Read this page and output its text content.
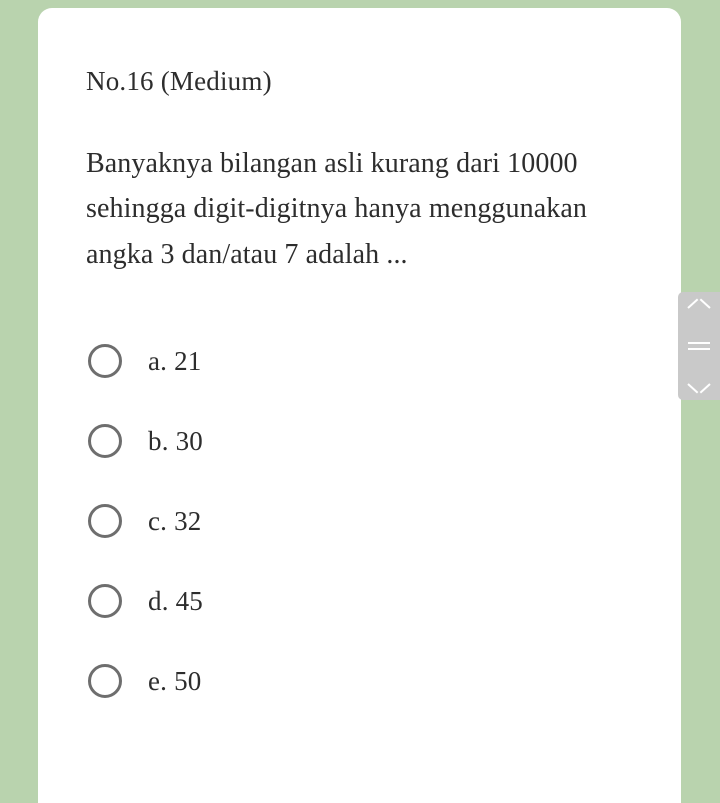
No.16 (Medium)
Banyaknya bilangan asli kurang dari 10000 sehingga digit-digitnya hanya menggunakan angka 3 dan/atau 7 adalah ...
a. 21
b. 30
c. 32
d. 45
e. 50
